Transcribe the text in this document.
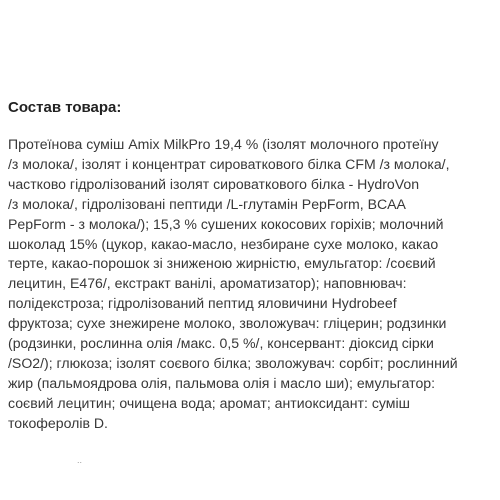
Состав товара:
Протеїнова суміш Amix MilkPro 19,4 % (ізолят молочного протеїну
/з молока/, ізолят і концентрат сироваткового білка CFM /з молока/,
частково гідролізований ізолят сироваткового білка - HydroVon
/з молока/, гідролізовані пептиди /L-глутамін PepForm, BCAA
PepForm - з молока/); 15,3 % сушених кокосових горіхів; молочний
шоколад 15% (цукор, какао-масло, незбиране сухе молоко, какао
терте, какао-порошок зі зниженою жирністю, емульгатор: /соєвий
лецитин, Е476/, екстракт ванілі, ароматизатор); наповнювач:
полідекстроза; гідролізований пептид яловичини Hydrobeef
фруктоза; сухе знежирене молоко, зволожувач: гліцерин; родзинки
(родзинки, рослинна олія /макс. 0,5 %/, консервант: діоксид сірки
/SO2/); глюкоза; ізолят соєвого білка; зволожувач: сорбіт; рослинний
жир (пальмоядрова олія, пальмова олія і масло ши); емульгатор:
соєвий лецитин; очищена вода; аромат; антиоксидант: суміш
токоферолів D.
..
